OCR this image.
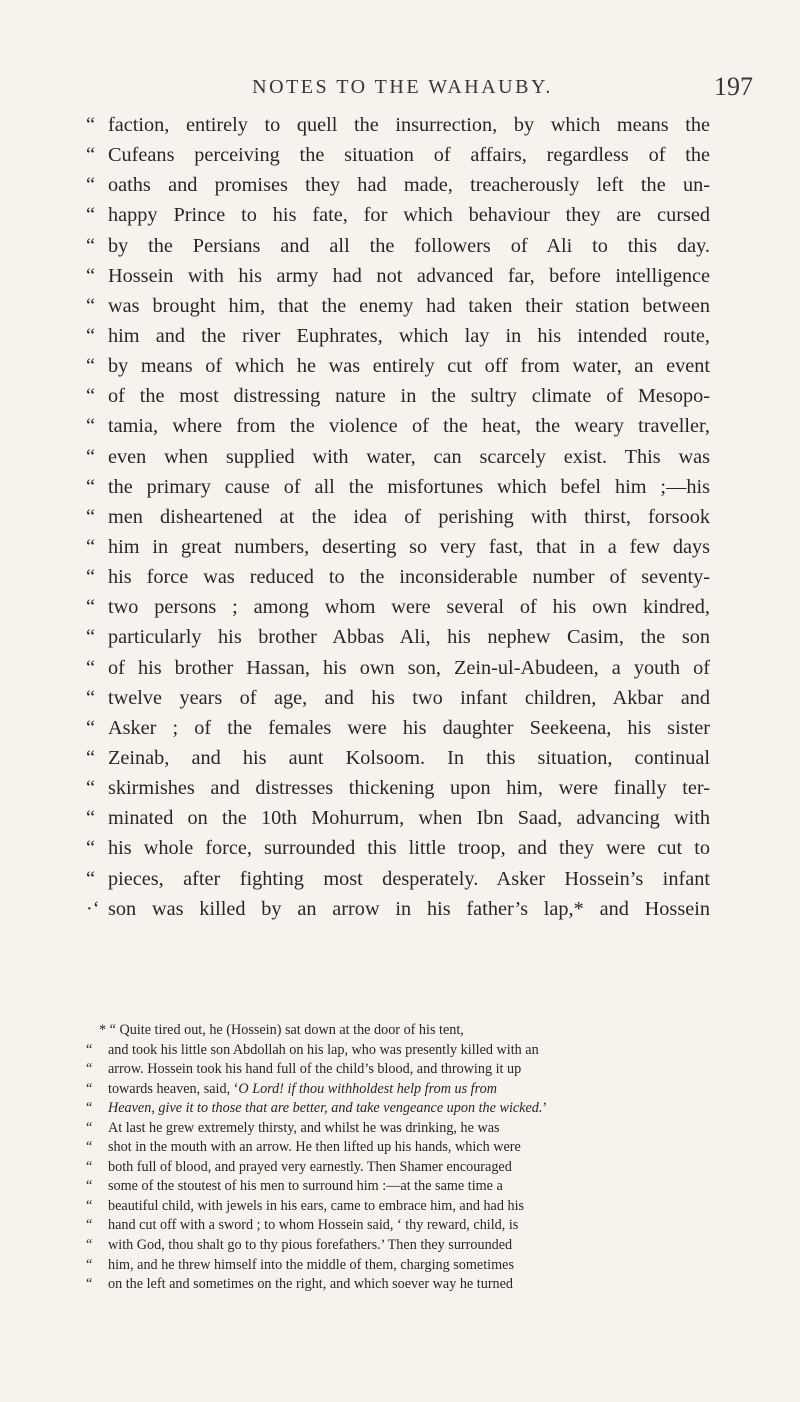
NOTES TO THE WAHAUBY.	197
“ faction, entirely to quell the insurrection, by which means the
“ Cufeans perceiving the situation of affairs, regardless of the
“ oaths and promises they had made, treacherously left the un-
“ happy Prince to his fate, for which behaviour they are cursed
“ by the Persians and all the followers of Ali to this day.
“ Hossein with his army had not advanced far, before intelligence
“ was brought him, that the enemy had taken their station between
“ him and the river Euphrates, which lay in his intended route,
“ by means of which he was entirely cut off from water, an event
“ of the most distressing nature in the sultry climate of Mesopo-
“ tamia, where from the violence of the heat, the weary traveller,
“ even when supplied with water, can scarcely exist. This was
“ the primary cause of all the misfortunes which befel him ;—his
“ men disheartened at the idea of perishing with thirst, forsook
“ him in great numbers, deserting so very fast, that in a few days
“ his force was reduced to the inconsiderable number of seventy-
“ two persons ; among whom were several of his own kindred,
“ particularly his brother Abbas Ali, his nephew Casim, the son
“ of his brother Hassan, his own son, Zein-ul-Abudeen, a youth of
“ twelve years of age, and his two infant children, Akbar and
“ Asker ; of the females were his daughter Seekeena, his sister
“ Zeinab, and his aunt Kolsoom. In this situation, continual
“ skirmishes and distresses thickening upon him, were finally ter-
“ minated on the 10th Mohurrum, when Ibn Saad, advancing with
“ his whole force, surrounded this little troop, and they were cut to
“ pieces, after fighting most desperately. Asker Hossein’s infant
·‘ son was killed by an arrow in his father’s lap,* and Hossein
* “ Quite tired out, he (Hossein) sat down at the door of his tent,
“	and took his little son Abdollah on his lap, who was presently killed with an
“	arrow. Hossein took his hand full of the child’s blood, and throwing it up
“	towards heaven, said, ‘ O Lord! if thou withholdest help from us from
“	Heaven, give it to those that are better, and take vengeance upon the wicked. ’
“	At last he grew extremely thirsty, and whilst he was drinking, he was
“	shot in the mouth with an arrow. He then lifted up his hands, which were
“	both full of blood, and prayed very earnestly. Then Shamer encouraged
“	some of the stoutest of his men to surround him :—at the same time a
“	beautiful child, with jewels in his ears, came to embrace him, and had his
“	hand cut off with a sword ; to whom Hossein said, ‘ thy reward, child, is
“	with God, thou shalt go to thy pious forefathers.’ Then they surrounded
“	him, and he threw himself into the middle of them, charging sometimes
“	on the left and sometimes on the right, and which soever way he turned
